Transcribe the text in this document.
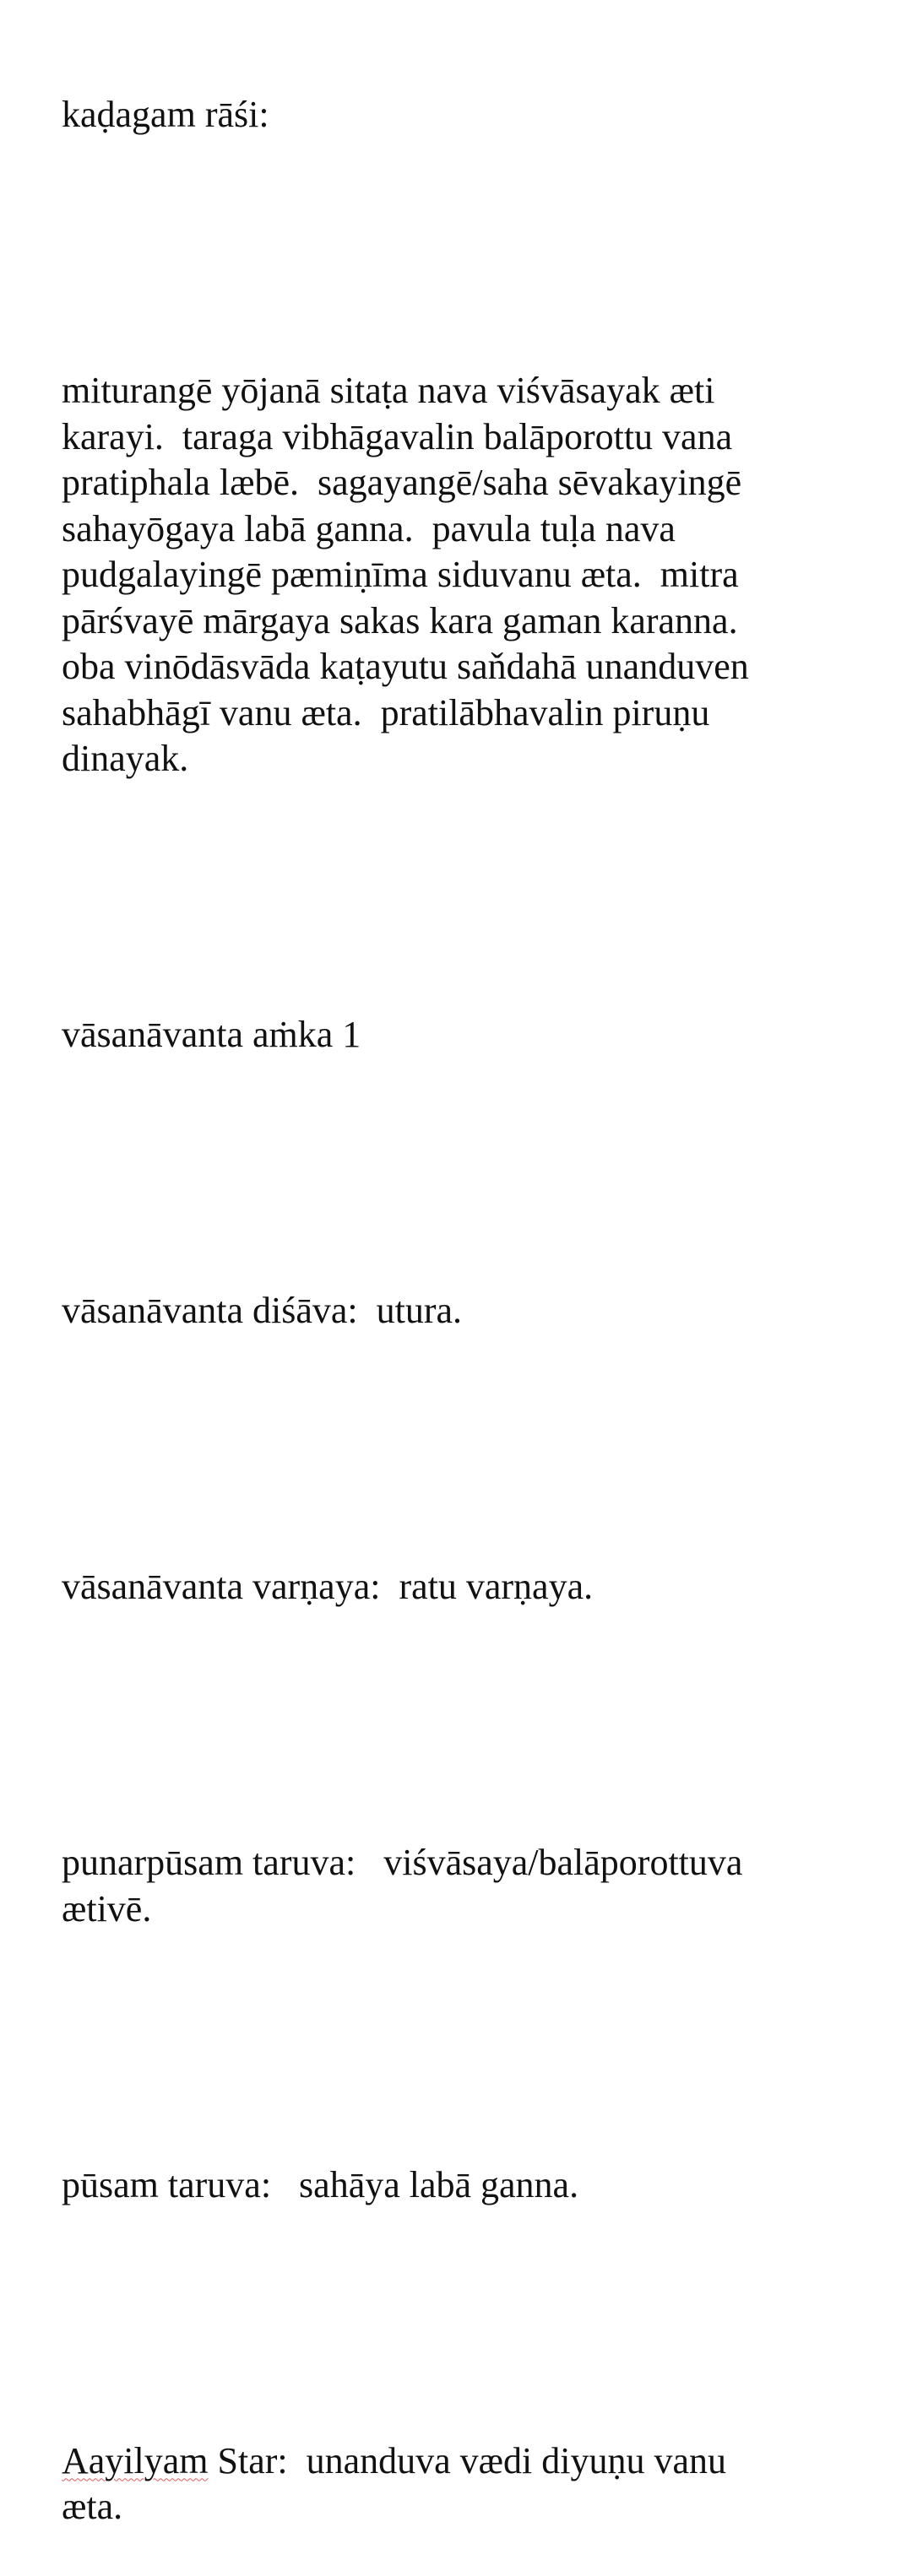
kaḍagam rāśi:

miturangē yōjanā sitaṭa nava viśvāsayak æti
karayi.  taraga vibhāgavalin balāporottu vana
pratiphala læbē.  sagayangē/saha sēvakayingē
sahayōgaya labā ganna.  pavula tuḷa nava
pudgalayingē pæmiṇīma siduvanu æta.  mitra
pārśvayē mārgaya sakas kara gaman karanna.
oba vinōdāsvāda kaṭayutu saňdahā unanduven
sahabhāgī vanu æta.  pratilābhavalin piruṇu
dinayak.

vāsanāvanta aṁka 1

vāsanāvanta diśāva:  utura.

vāsanāvanta varṇaya:  ratu varṇaya.

punarpūsam taruva:   viśvāsaya/balāporottuva
ætivē.

pūsam taruva:   sahāya labā ganna.

Aayilyam Star:  unanduva vædi diyuṇu vanu
æta.
